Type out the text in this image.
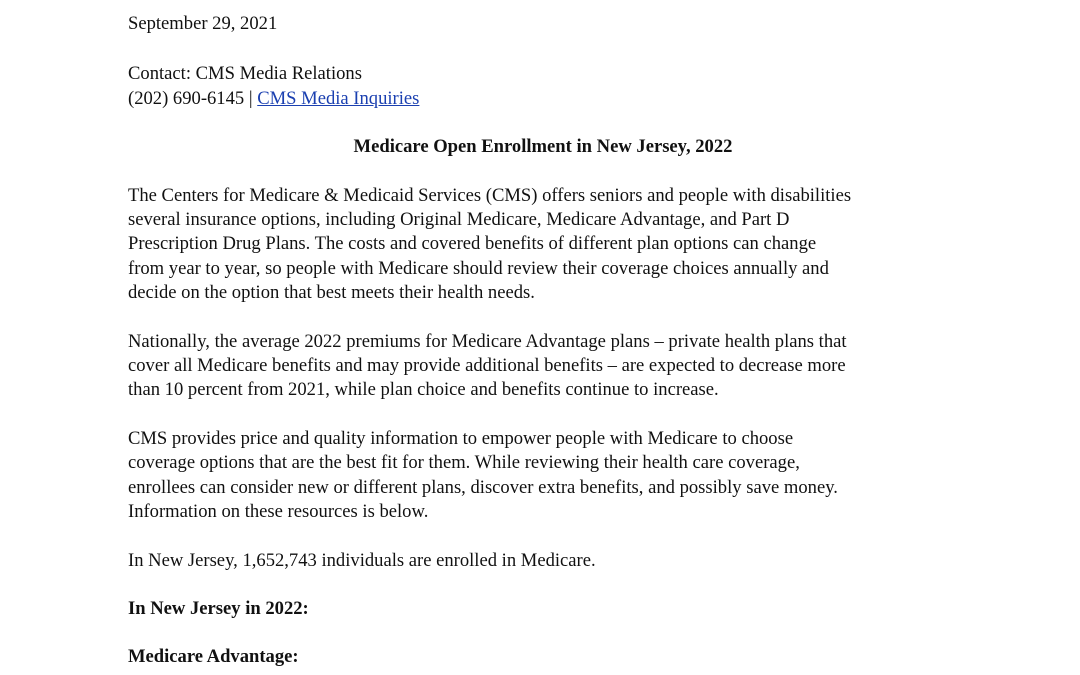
September 29, 2021

Contact: CMS Media Relations

(202) 690-6145 | CMS Media Inquiries

Medicare Open Enrollment in New Jersey, 2022

The Centers for Medicare & Medicaid Services (CMS) offers seniors and people with disabilities
several insurance options, including Original Medicare, Medicare Advantage, and Part D
Prescription Drug Plans. The costs and covered benefits of different plan options can change
from year to year, so people with Medicare should review their coverage choices annually and
decide on the option that best meets their health needs.
Nationally, the average 2022 premiums for Medicare Advantage plans – private health plans that
cover all Medicare benefits and may provide additional benefits – are expected to decrease more
than 10 percent from 2021, while plan choice and benefits continue to increase.
CMS provides price and quality information to empower people with Medicare to choose
coverage options that are the best fit for them. While reviewing their health care coverage,
enrollees can consider new or different plans, discover extra benefits, and possibly save money.
Information on these resources is below.
In New Jersey, 1,652,743 individuals are enrolled in Medicare.

In New Jersey in 2022:

Medicare Advantage:
